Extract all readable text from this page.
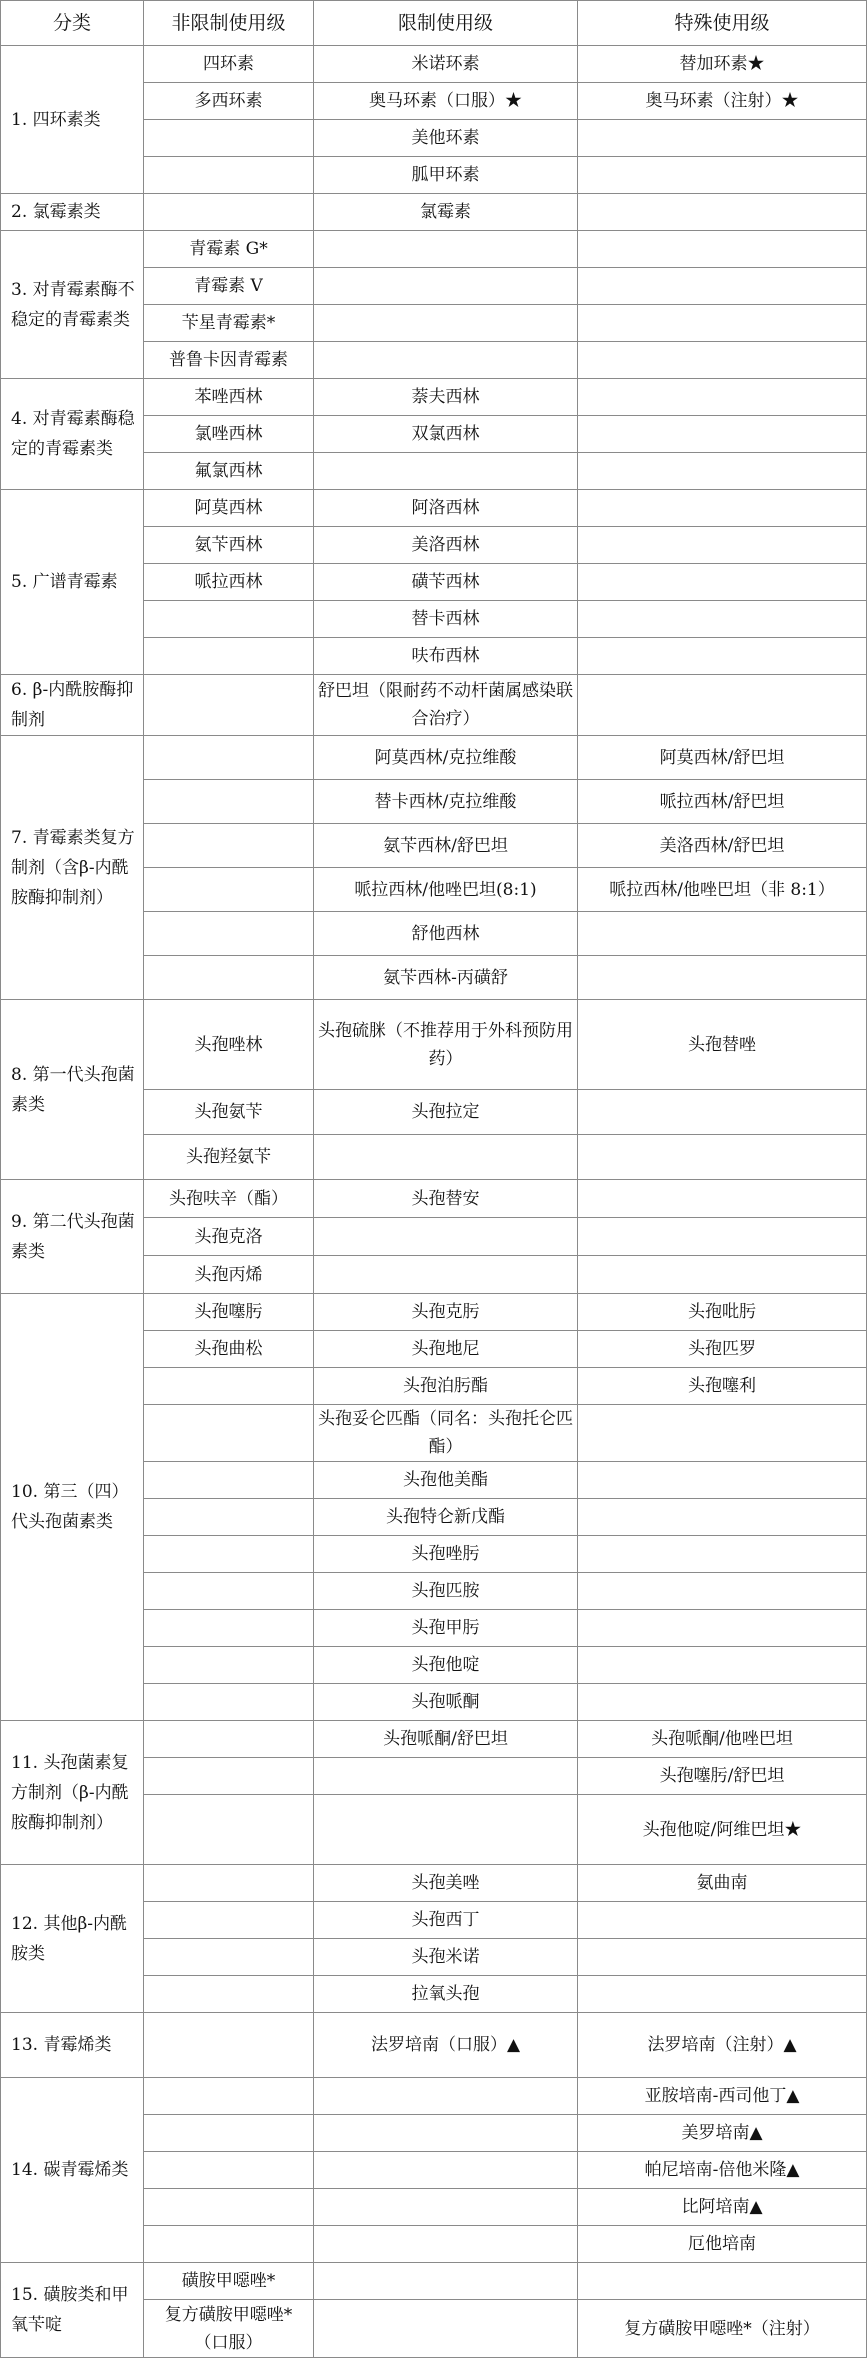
分类	非限制使用级	限制使用级	特殊使用级
1. 四环素类	四环素	米诺环素	替加环素★
	多西环素	奥马环素（口服）★	奥马环素（注射）★
		美他环素	
		胍甲环素	
2. 氯霉素类		氯霉素	
3. 对青霉素酶不稳定的青霉素类	青霉素 G*		
	青霉素 V		
	苄星青霉素*		
	普鲁卡因青霉素		
4. 对青霉素酶稳定的青霉素类	苯唑西林	萘夫西林	
	氯唑西林	双氯西林	
	氟氯西林		
5. 广谱青霉素	阿莫西林	阿洛西林	
	氨苄西林	美洛西林	
	哌拉西林	磺苄西林	
		替卡西林	
		呋布西林	
6. β-内酰胺酶抑制剂		舒巴坦（限耐药不动杆菌属感染联合治疗）	
7. 青霉素类复方制剂（含β-内酰胺酶抑制剂）		阿莫西林/克拉维酸	阿莫西林/舒巴坦
		替卡西林/克拉维酸	哌拉西林/舒巴坦
		氨苄西林/舒巴坦	美洛西林/舒巴坦
		哌拉西林/他唑巴坦(8:1)	哌拉西林/他唑巴坦（非 8:1）
		舒他西林	
		氨苄西林-丙磺舒	
8. 第一代头孢菌素类	头孢唑林	头孢硫脒（不推荐用于外科预防用药）	头孢替唑
	头孢氨苄	头孢拉定	
	头孢羟氨苄		
9. 第二代头孢菌素类	头孢呋辛（酯）	头孢替安	
	头孢克洛		
	头孢丙烯		
10. 第三（四）代头孢菌素类	头孢噻肟	头孢克肟	头孢吡肟
	头孢曲松	头孢地尼	头孢匹罗
		头孢泊肟酯	头孢噻利
		头孢妥仑匹酯（同名：头孢托仑匹酯）	
		头孢他美酯	
		头孢特仑新戊酯	
		头孢唑肟	
		头孢匹胺	
		头孢甲肟	
		头孢他啶	
		头孢哌酮	
11. 头孢菌素复方制剂（β-内酰胺酶抑制剂）		头孢哌酮/舒巴坦	头孢哌酮/他唑巴坦
			头孢噻肟/舒巴坦
			头孢他啶/阿维巴坦★
12. 其他β-内酰胺类		头孢美唑	氨曲南
		头孢西丁	
		头孢米诺	
		拉氧头孢	
13. 青霉烯类		法罗培南（口服）▲	法罗培南（注射）▲
14. 碳青霉烯类			亚胺培南-西司他丁▲
			美罗培南▲
			帕尼培南-倍他米隆▲
			比阿培南▲
			厄他培南
15. 磺胺类和甲氧苄啶	磺胺甲噁唑*		
	复方磺胺甲噁唑*（口服）		复方磺胺甲噁唑*（注射）
